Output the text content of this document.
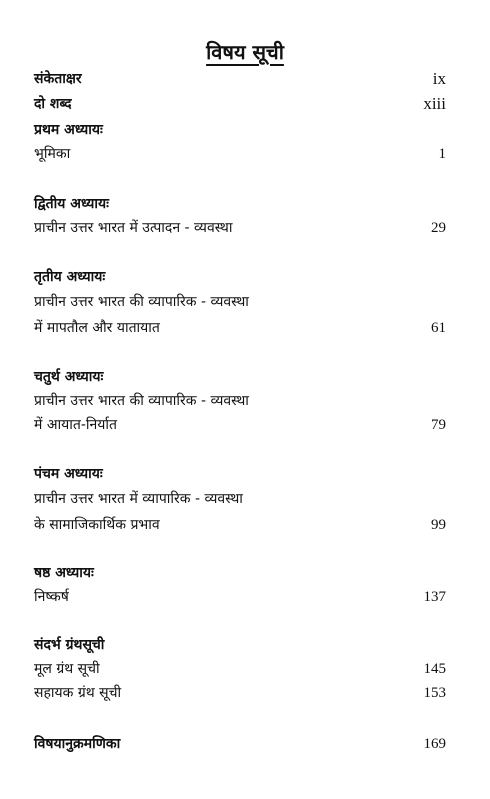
विषय सूची
संकेताक्षर	ix
दो शब्द	xiii
प्रथम अध्यायः
भूमिका	1
द्वितीय अध्यायः
प्राचीन उत्तर भारत में उत्पादन - व्यवस्था	29
तृतीय अध्यायः
प्राचीन उत्तर भारत की व्यापारिक - व्यवस्था
में मापतौल और यातायात	61
चतुर्थ अध्यायः
प्राचीन उत्तर भारत की व्यापारिक - व्यवस्था
में आयात-निर्यात	79
पंचम अध्यायः
प्राचीन उत्तर भारत में व्यापारिक - व्यवस्था
के सामाजिकार्थिक प्रभाव	99
षष्ठ अध्यायः
निष्कर्ष	137
संदर्भ ग्रंथसूची
मूल ग्रंथ सूची	145
सहायक ग्रंथ सूची	153
विषयानुक्रमणिका	169
